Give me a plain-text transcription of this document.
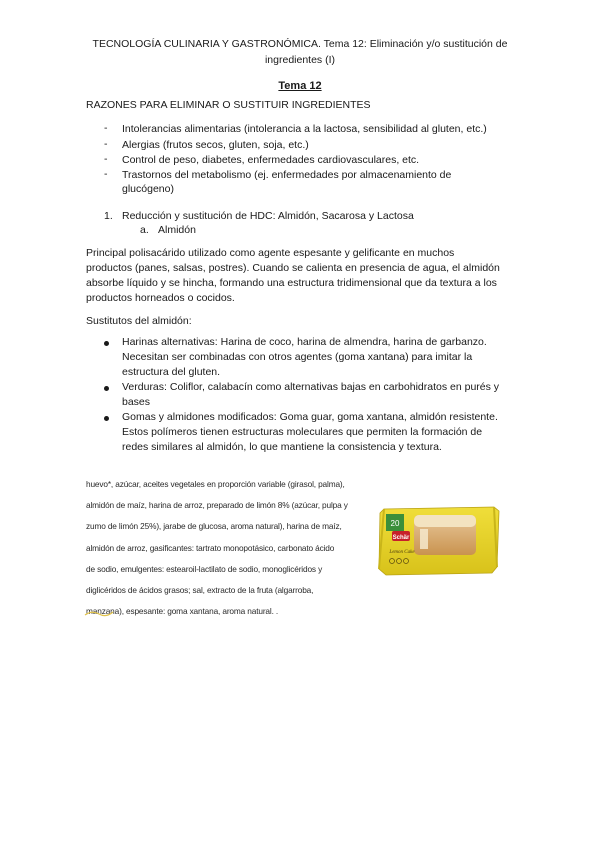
TECNOLOGÍA CULINARIA Y GASTRONÓMICA. Tema 12: Eliminación y/o sustitución de
ingredientes (I)
Tema 12
RAZONES PARA ELIMINAR O SUSTITUIR INGREDIENTES
- Intolerancias alimentarias (intolerancia a la lactosa, sensibilidad al gluten, etc.)
- Alergias (frutos secos, gluten, soja, etc.)
- Control de peso, diabetes, enfermedades cardiovasculares, etc.
- Trastornos del metabolismo (ej. enfermedades por almacenamiento de
glucógeno)
1. Reducción y sustitución de HDC: Almidón, Sacarosa y Lactosa
a. Almidón
Principal polisacárido utilizado como agente espesante y gelificante en muchos
productos (panes, salsas, postres). Cuando se calienta en presencia de agua, el almidón
absorbe líquido y se hincha, formando una estructura tridimensional que da textura a los
productos horneados o cocidos.
Sustitutos del almidón:
Harinas alternativas: Harina de coco, harina de almendra, harina de garbanzo.
Necesitan ser combinadas con otros agentes (goma xantana) para imitar la
estructura del gluten.
Verduras: Coliflor, calabacín como alternativas bajas en carbohidratos en purés y
bases
Gomas y almidones modificados: Goma guar, goma xantana, almidón resistente.
Estos polímeros tienen estructuras moleculares que permiten la formación de
redes similares al almidón, lo que mantiene la consistencia y textura.
huevo*, azúcar, aceites vegetales en proporción variable (girasol, palma),
almidón de maíz, harina de arroz, preparado de limón 8% (azúcar, pulpa y
zumo de limón 25%), jarabe de glucosa, aroma natural), harina de maíz,
almidón de arroz, gasificantes: tartrato monopotásico, carbonato ácido
de sodio, emulgentes: estearoil-lactilato de sodio, monoglicéridos y
diglicéridos de ácidos grasos; sal, extracto de la fruta (algarroba,
manzana), espesante: goma xantana, aroma natural. .
20
Schär
Lemon Cake
